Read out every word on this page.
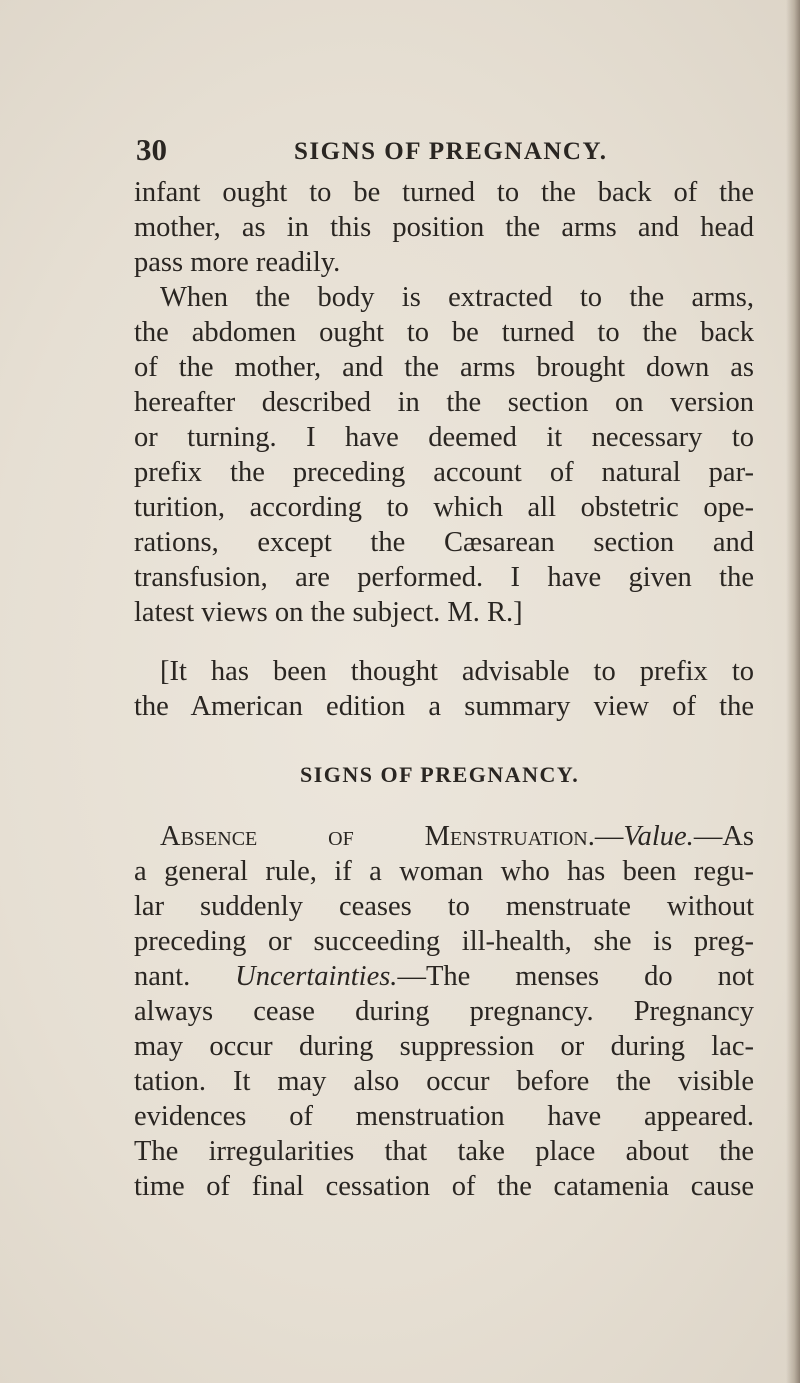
30	SIGNS OF PREGNANCY.
infant ought to be turned to the back of the
mother, as in this position the arms and head
pass more readily.
When the body is extracted to the arms,
the abdomen ought to be turned to the back
of the mother, and the arms brought down as
hereafter described in the section on version
or turning. I have deemed it necessary to
prefix the preceding account of natural par-
turition, according to which all obstetric ope-
rations, except the Cæsarean section and
transfusion, are performed. I have given the
latest views on the subject. M. R.]
[It has been thought advisable to prefix to
the American edition a summary view of the
SIGNS OF PREGNANCY.
Absence of Menstruation.—Value.—As
a general rule, if a woman who has been regu-
lar suddenly ceases to menstruate without
preceding or succeeding ill-health, she is preg-
nant. Uncertainties.—The menses do not
always cease during pregnancy. Pregnancy
may occur during suppression or during lac-
tation. It may also occur before the visible
evidences of menstruation have appeared.
The irregularities that take place about the
time of final cessation of the catamenia cause
